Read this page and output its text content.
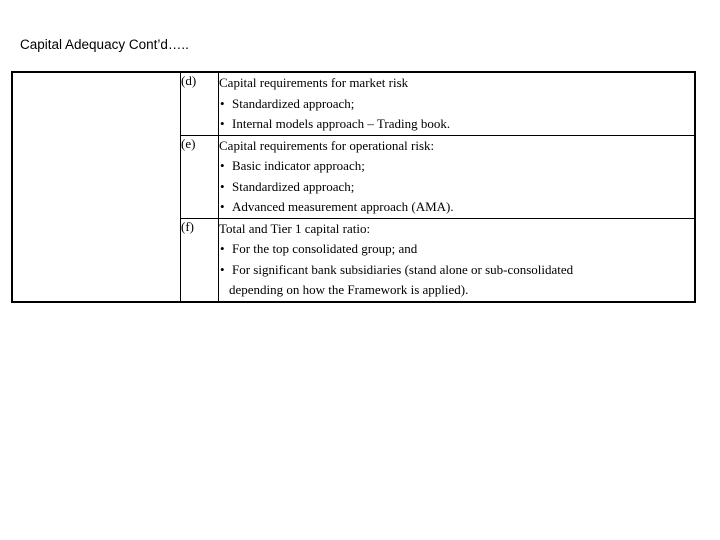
Capital Adequacy Cont’d…..
	(d)	Capital requirements for market risk
• Standardized approach;
• Internal models approach – Trading book.

	(e)	Capital requirements for operational risk:
• Basic indicator approach;
• Standardized approach;
• Advanced measurement approach (AMA).

	(f)	Total and Tier 1 capital ratio:
• For the top consolidated group; and
• For significant bank subsidiaries (stand alone or sub-consolidated
depending on how the Framework is applied).
